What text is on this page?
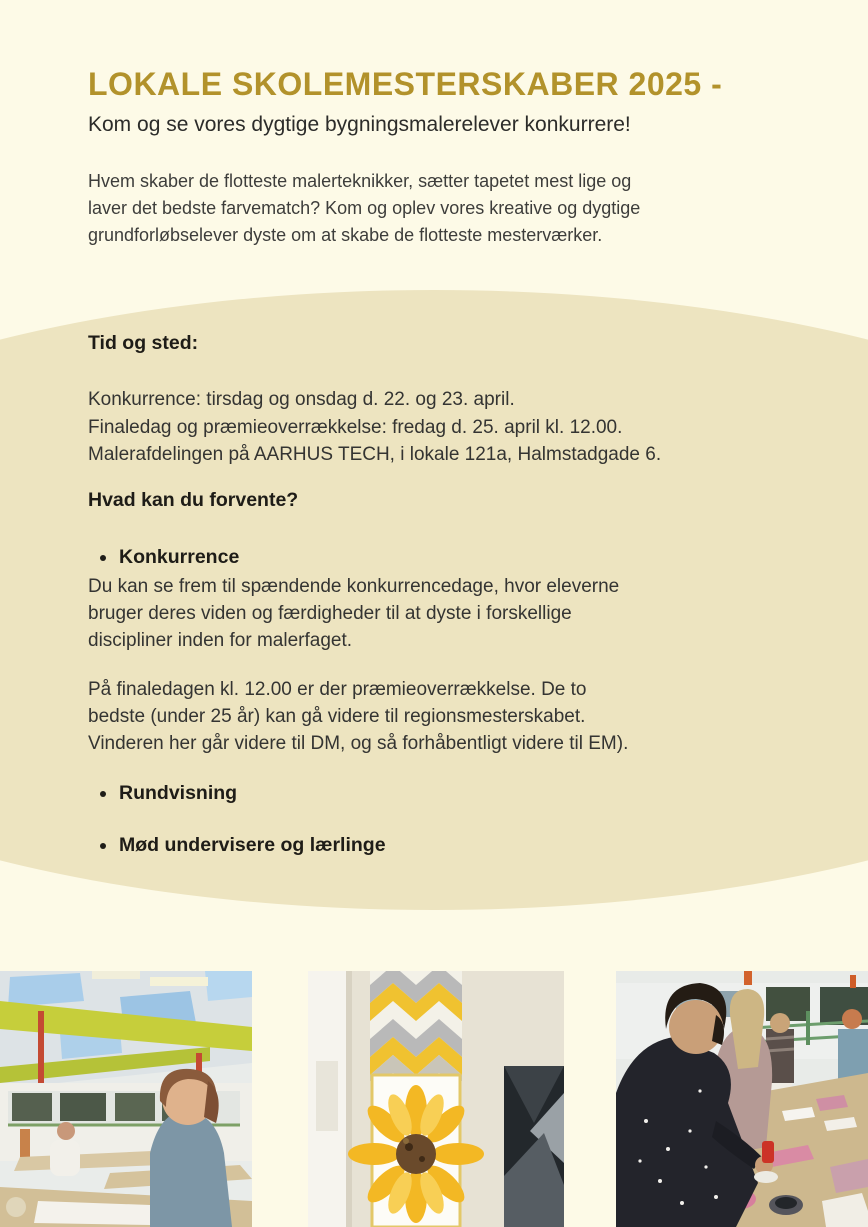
LOKALE SKOLEMESTERSKABER 2025 -

Kom og se vores dygtige bygningsmalerelever konkurrere!

Hvem skaber de flotteste malerteknikker, sætter tapetet mest lige og
laver det bedste farvematch? Kom og oplev vores kreative og dygtige
grundforløbselever dyste om at skabe de flotteste mesterværker.
Tid og sted:
Konkurrence: tirsdag og onsdag d. 22. og 23. april.
Finaledag og præmieoverrækkelse: fredag d. 25. april kl. 12.00.
Malerafdelingen på AARHUS TECH, i lokale 121a, Halmstadgade 6.
Hvad kan du forvente?
Konkurrence
Du kan se frem til spændende konkurrencedage, hvor eleverne
bruger deres viden og færdigheder til at dyste i forskellige
discipliner inden for malerfaget.
På finaledagen kl. 12.00 er der præmieoverrækkelse. De to
bedste (under 25 år) kan gå videre til regionsmesterskabet.
Vinderen her går videre til DM, og så forhåbentligt videre til EM).
Rundvisning
Mød undervisere og lærlinge
